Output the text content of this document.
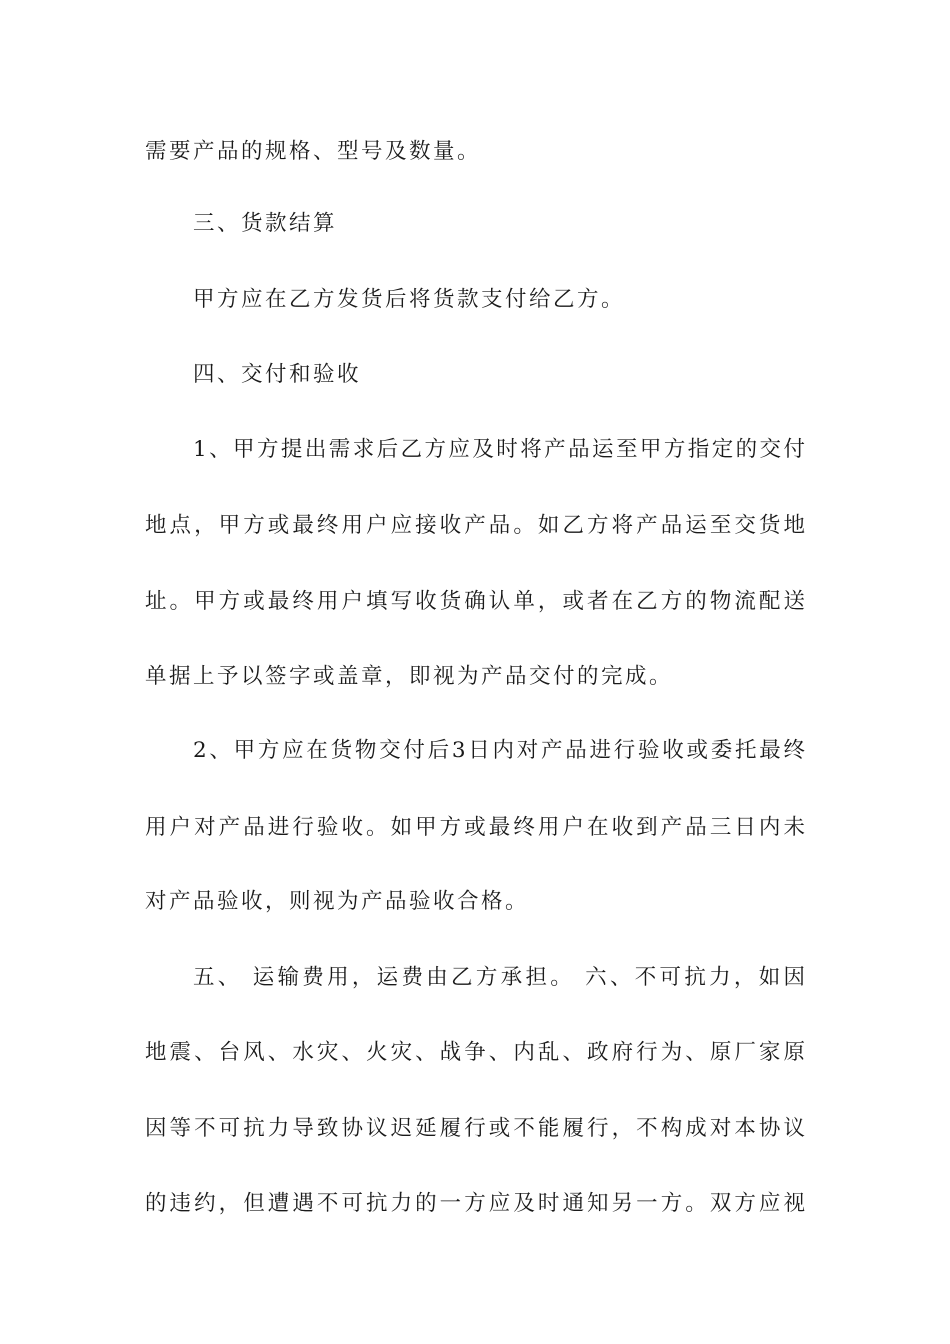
需要产品的规格、型号及数量。
三、货款结算
甲方应在乙方发货后将货款支付给乙方。
四、交付和验收
1、甲方提出需求后乙方应及时将产品运至甲方指定的交付
地点，甲方或最终用户应接收产品。如乙方将产品运至交货地
址。甲方或最终用户填写收货确认单，或者在乙方的物流配送
单据上予以签字或盖章，即视为产品交付的完成。
2、甲方应在货物交付后3日内对产品进行验收或委托最终
用户对产品进行验收。如甲方或最终用户在收到产品三日内未
对产品验收，则视为产品验收合格。
五、 运输费用，运费由乙方承担。 六、不可抗力，如因
地震、台风、水灾、火灾、战争、内乱、政府行为、原厂家原
因等不可抗力导致协议迟延履行或不能履行，不构成对本协议
的违约，但遭遇不可抗力的一方应及时通知另一方。双方应视
